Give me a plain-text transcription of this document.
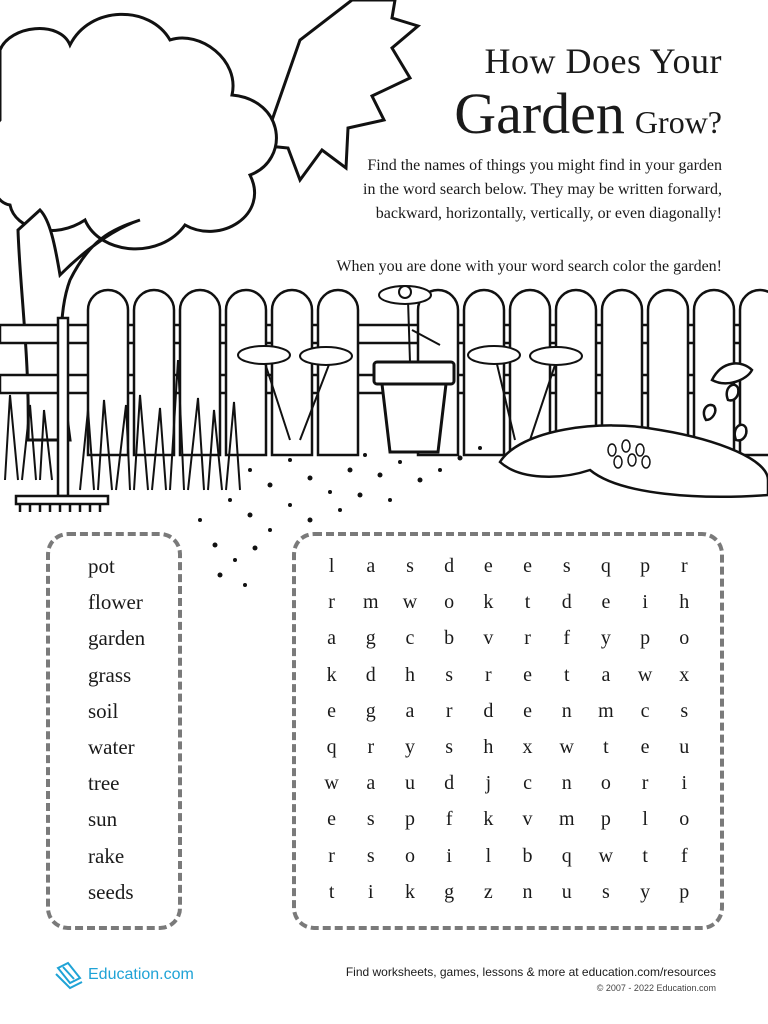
How Does Your
Garden Grow?
Find the names of things you might find in your garden in the word search below. They may be written forward, backward, horizontally, vertically, or even diagonally!
When you are done with your word search color the garden!
pot
flower
garden
grass
soil
water
tree
sun
rake
seeds
l	a	s	d	e	e	s	q	p	r
r	m	w	o	k	t	d	e	i	h
a	g	c	b	v	r	f	y	p	o
k	d	h	s	r	e	t	a	w	x
e	g	a	r	d	e	n	m	c	s
q	r	y	s	h	x	w	t	e	u
w	a	u	d	j	c	n	o	r	i
e	s	p	f	k	v	m	p	l	o
r	s	o	i	l	b	q	w	t	f
t	i	k	g	z	n	u	s	y	p
Education.com	Find worksheets, games, lessons & more at education.com/resources
© 2007 - 2022 Education.com
